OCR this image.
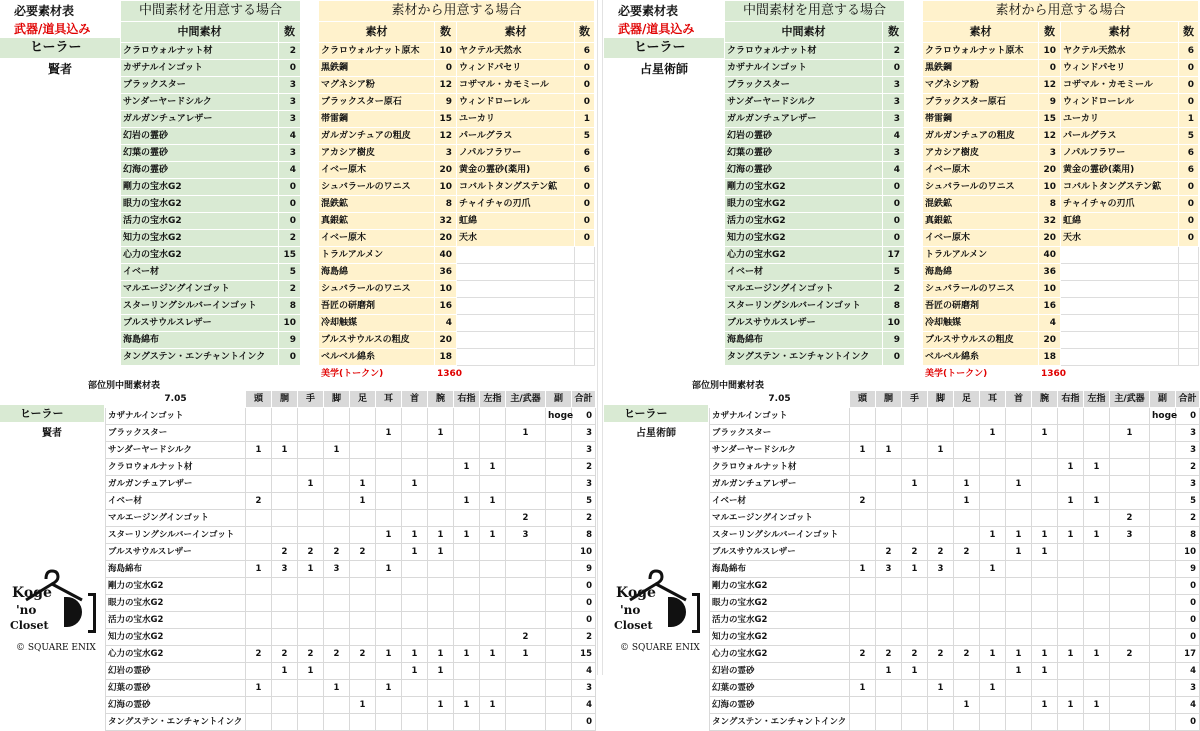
必要素材表
武器/道具込み
ヒーラー
賢者
中間素材を用意する場合	
中間素材	数
クラロウォルナット材	2
カザナルインゴット	0
ブラックスター	3
サンダーヤードシルク	3
ガルガンチュアレザー	3
幻岩の霊砂	4
幻葉の霊砂	3
幻海の霊砂	4
剛力の宝水G2	0
眼力の宝水G2	0
活力の宝水G2	0
知力の宝水G2	2
心力の宝水G2	15
イベー材	5
マルエージングインゴット	2
スターリングシルバーインゴット	8
ブルスサウルスレザー	10
海島綿布	9
タングステン・エンチャントインク	0
素材から用意する場合			
素材	数	素材	数
クラロウォルナット原木	10	ヤクテル天然水	6
黒鉄鋼	0	ウィンドパセリ	0
マグネシア粉	12	コザマル・カモミール	0
ブラックスター原石	9	ウィンドローレル	0
帯雷鋼	15	ユーカリ	1
ガルガンチュアの粗皮	12	パールグラス	5
アカシア樹皮	3	ノパルフラワー	6
イベー原木	20	黄金の霊砂(薬用)	6
シュバラールのワニス	10	コバルトタングステン鉱	0
混鉄鉱	8	チャイチャの刃爪	0
真銀鉱	32	虹綿	0
イベー原木	20	天水	0
トラルアルメン	40		
海島綿	36		
シュバラールのワニス	10		
吾匠の研磨剤	16		
冷却触媒	4		
ブルスサウルスの粗皮	20		
ベルベル綿糸	18		
美学(トークン)	1360		
部位別中間素材表
ヒーラー
賢者
7.05	頭	胴	手	脚	足	耳	首	腕	右指	左指	主/武器	副	合計
カザナルインゴット												hoge	0
ブラックスター						1		1			1		3
サンダーヤードシルク	1	1		1									3
クラロウォルナット材									1	1			2
ガルガンチュアレザー			1		1		1						3
イベー材	2				1				1	1			5
マルエージングインゴット											2		2
スターリングシルバーインゴット						1	1	1	1	1	3		8
ブルスサウルスレザー		2	2	2	2		1	1					10
海島綿布	1	3	1	3		1							9
剛力の宝水G2													0
眼力の宝水G2													0
活力の宝水G2													0
知力の宝水G2											2		2
心力の宝水G2	2	2	2	2	2	1	1	1	1	1	1		15
幻岩の霊砂		1	1				1	1					4
幻葉の霊砂	1			1		1							3
幻海の霊砂					1			1	1	1			4
タングステン・エンチャントインク													0
Koge
'no
Closet
© SQUARE ENIX
必要素材表
武器/道具込み
ヒーラー
占星術師
中間素材を用意する場合	
中間素材	数
クラロウォルナット材	2
カザナルインゴット	0
ブラックスター	3
サンダーヤードシルク	3
ガルガンチュアレザー	3
幻岩の霊砂	4
幻葉の霊砂	3
幻海の霊砂	4
剛力の宝水G2	0
眼力の宝水G2	0
活力の宝水G2	0
知力の宝水G2	0
心力の宝水G2	17
イベー材	5
マルエージングインゴット	2
スターリングシルバーインゴット	8
ブルスサウルスレザー	10
海島綿布	9
タングステン・エンチャントインク	0
素材から用意する場合			
素材	数	素材	数
クラロウォルナット原木	10	ヤクテル天然水	6
黒鉄鋼	0	ウィンドパセリ	0
マグネシア粉	12	コザマル・カモミール	0
ブラックスター原石	9	ウィンドローレル	0
帯雷鋼	15	ユーカリ	1
ガルガンチュアの粗皮	12	パールグラス	5
アカシア樹皮	3	ノパルフラワー	6
イベー原木	20	黄金の霊砂(薬用)	6
シュバラールのワニス	10	コバルトタングステン鉱	0
混鉄鉱	8	チャイチャの刃爪	0
真銀鉱	32	虹綿	0
イベー原木	20	天水	0
トラルアルメン	40		
海島綿	36		
シュバラールのワニス	10		
吾匠の研磨剤	16		
冷却触媒	4		
ブルスサウルスの粗皮	20		
ベルベル綿糸	18		
美学(トークン)	1360		
部位別中間素材表
ヒーラー
占星術師
7.05	頭	胴	手	脚	足	耳	首	腕	右指	左指	主/武器	副	合計
カザナルインゴット												hoge	0
ブラックスター						1		1			1		3
サンダーヤードシルク	1	1		1									3
クラロウォルナット材									1	1			2
ガルガンチュアレザー			1		1		1						3
イベー材	2				1				1	1			5
マルエージングインゴット											2		2
スターリングシルバーインゴット						1	1	1	1	1	3		8
ブルスサウルスレザー		2	2	2	2		1	1					10
海島綿布	1	3	1	3		1							9
剛力の宝水G2													0
眼力の宝水G2													0
活力の宝水G2													0
知力の宝水G2													0
心力の宝水G2	2	2	2	2	2	1	1	1	1	1	2		17
幻岩の霊砂		1	1				1	1					4
幻葉の霊砂	1			1		1							3
幻海の霊砂					1			1	1	1			4
タングステン・エンチャントインク													0
Koge
'no
Closet
© SQUARE ENIX
